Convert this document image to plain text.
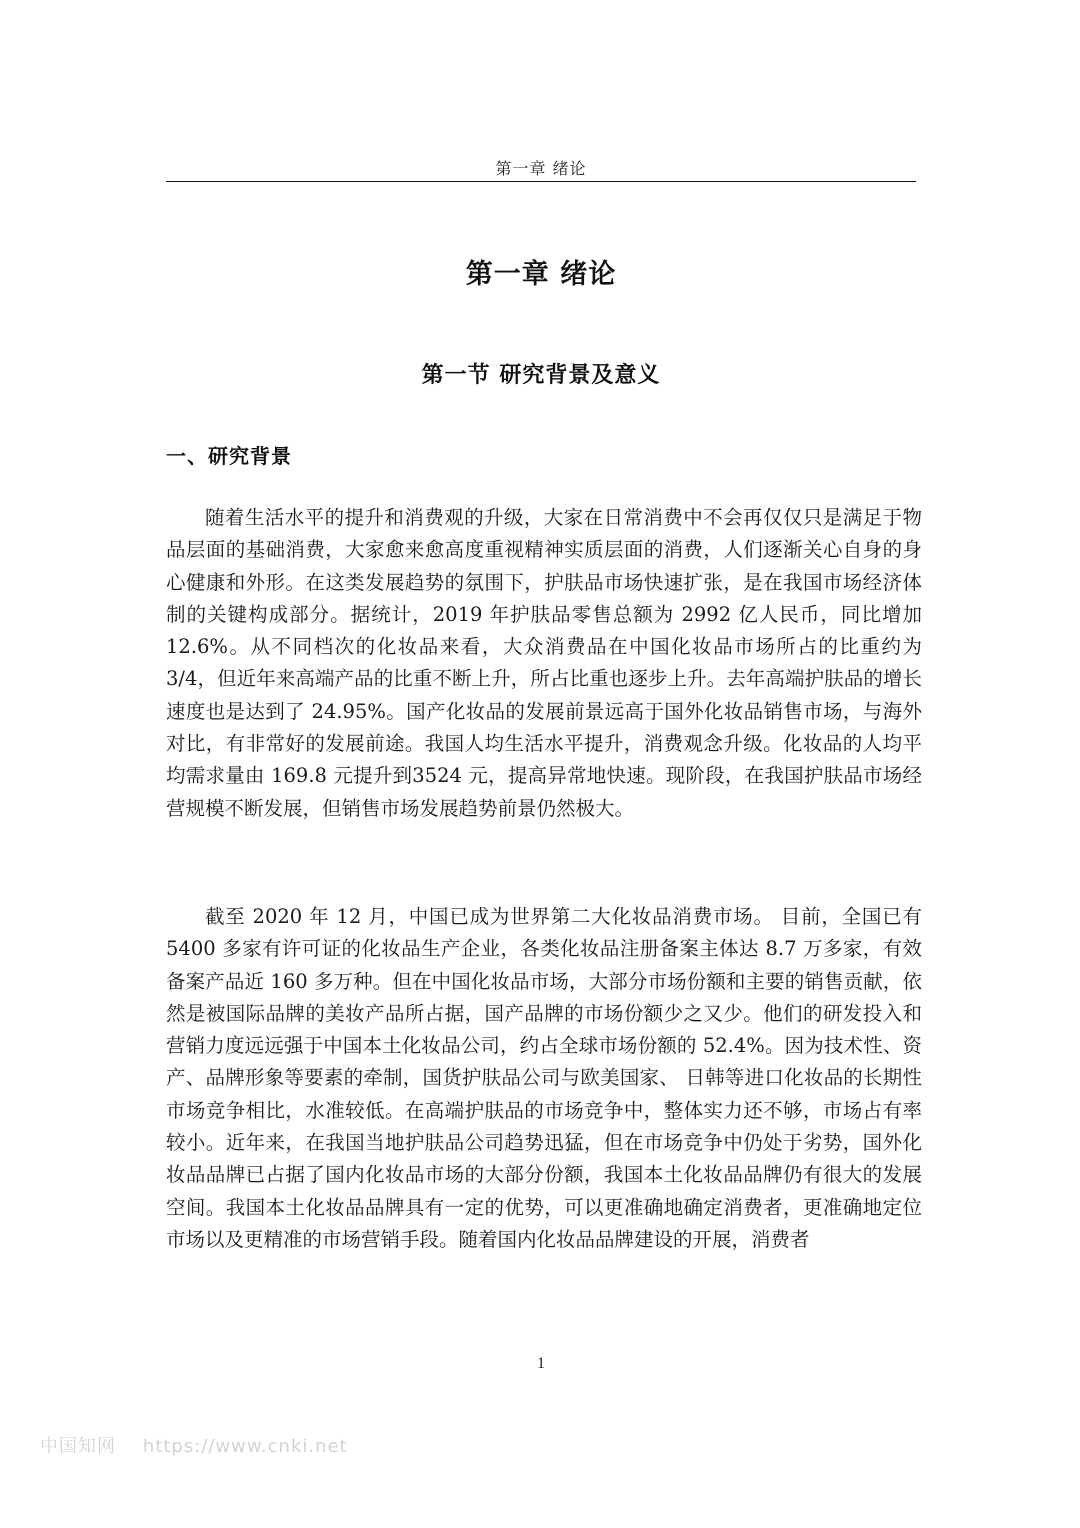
第一章 绪论
第一章 绪论
第一节 研究背景及意义
一、研究背景

随着生活水平的提升和消费观的升级，大家在日常消费中不会再仅仅只是满足于物品层面的基础消费，大家愈来愈高度重视精神实质层面的消费，人们逐渐关心自身的身心健康和外形。在这类发展趋势的氛围下，护肤品市场快速扩张，是在我国市场经济体制的关键构成部分。据统计，2019 年护肤品零售总额为 2992 亿人民币，同比增加 12.6%。从不同档次的化妆品来看，大众消费品在中国化妆品市场所占的比重约为 3/4，但近年来高端产品的比重不断上升，所占比重也逐步上升。去年高端护肤品的增长速度也是达到了 24.95%。国产化妆品的发展前景远高于国外化妆品销售市场，与海外对比，有非常好的发展前途。我国人均生活水平提升，消费观念升级。化妆品的人均平均需求量由 169.8 元提升到3524 元，提高异常地快速。现阶段，在我国护肤品市场经营规模不断发展，但销售市场发展趋势前景仍然极大。

截至 2020 年 12 月，中国已成为世界第二大化妆品消费市场。 目前，全国已有 5400 多家有许可证的化妆品生产企业，各类化妆品注册备案主体达 8.7 万多家，有效备案产品近 160 多万种。但在中国化妆品市场，大部分市场份额和主要的销售贡献，依然是被国际品牌的美妆产品所占据，国产品牌的市场份额少之又少。他们的研发投入和营销力度远远强于中国本土化妆品公司，约占全球市场份额的 52.4%。因为技术性、资产、品牌形象等要素的牵制，国货护肤品公司与欧美国家、 日韩等进口化妆品的长期性市场竞争相比，水准较低。在高端护肤品的市场竞争中，整体实力还不够，市场占有率较小。近年来，在我国当地护肤品公司趋势迅猛，但在市场竞争中仍处于劣势，国外化妆品品牌已占据了国内化妆品市场的大部分份额，我国本土化妆品品牌仍有很大的发展空间。我国本土化妆品品牌具有一定的优势，可以更准确地确定消费者，更准确地定位市场以及更精准的市场营销手段。随着国内化妆品品牌建设的开展，消费者

1
中国知网    https://www.cnki.net
